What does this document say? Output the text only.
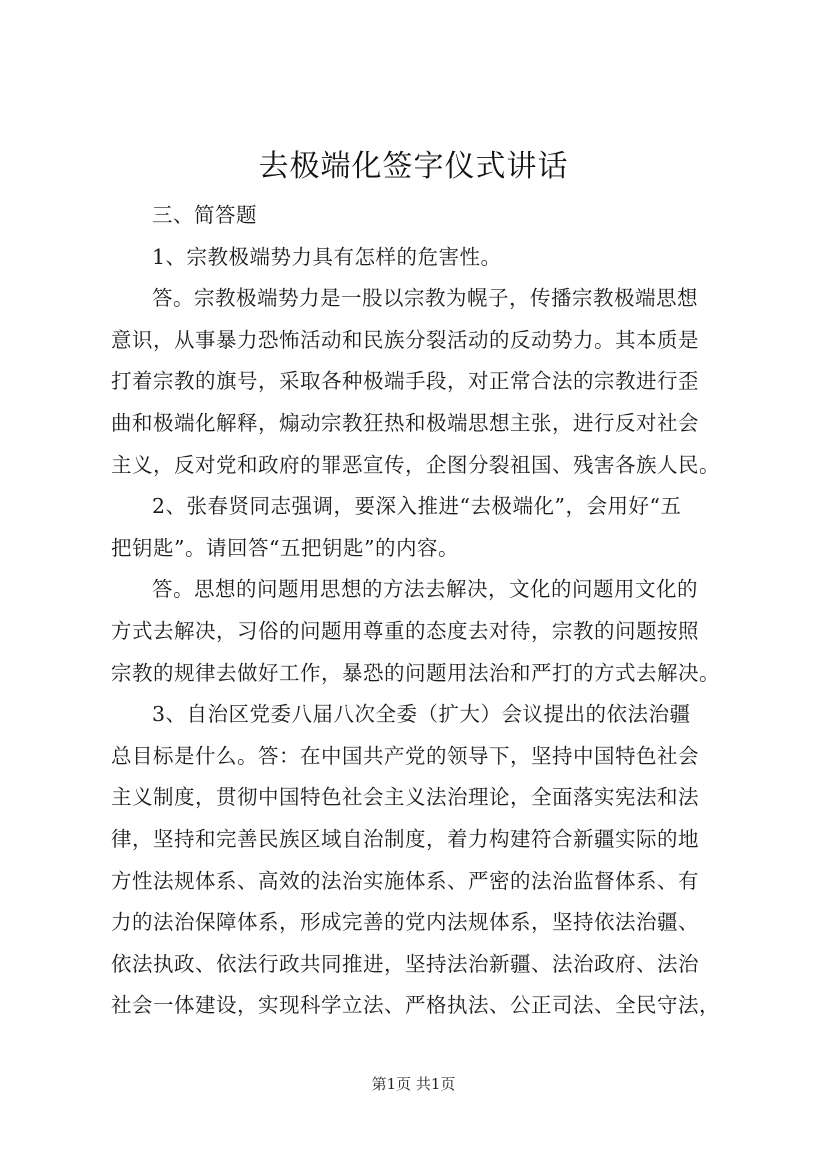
去极端化签字仪式讲话
三、简答题
1、宗教极端势力具有怎样的危害性。
答。宗教极端势力是一股以宗教为幌子，传播宗教极端思想
意识，从事暴力恐怖活动和民族分裂活动的反动势力。其本质是
打着宗教的旗号，采取各种极端手段，对正常合法的宗教进行歪
曲和极端化解释，煽动宗教狂热和极端思想主张，进行反对社会
主义，反对党和政府的罪恶宣传，企图分裂祖国、残害各族人民。
2、张春贤同志强调，要深入推进“去极端化”，会用好“五
把钥匙”。请回答“五把钥匙”的内容。
答。思想的问题用思想的方法去解决，文化的问题用文化的
方式去解决，习俗的问题用尊重的态度去对待，宗教的问题按照
宗教的规律去做好工作，暴恐的问题用法治和严打的方式去解决。
3、自治区党委八届八次全委（扩大）会议提出的依法治疆
总目标是什么。答：在中国共产党的领导下，坚持中国特色社会
主义制度，贯彻中国特色社会主义法治理论，全面落实宪法和法
律，坚持和完善民族区域自治制度，着力构建符合新疆实际的地
方性法规体系、高效的法治实施体系、严密的法治监督体系、有
力的法治保障体系，形成完善的党内法规体系，坚持依法治疆、
依法执政、依法行政共同推进，坚持法治新疆、法治政府、法治
社会一体建设，实现科学立法、严格执法、公正司法、全民守法，
第1页 共1页
